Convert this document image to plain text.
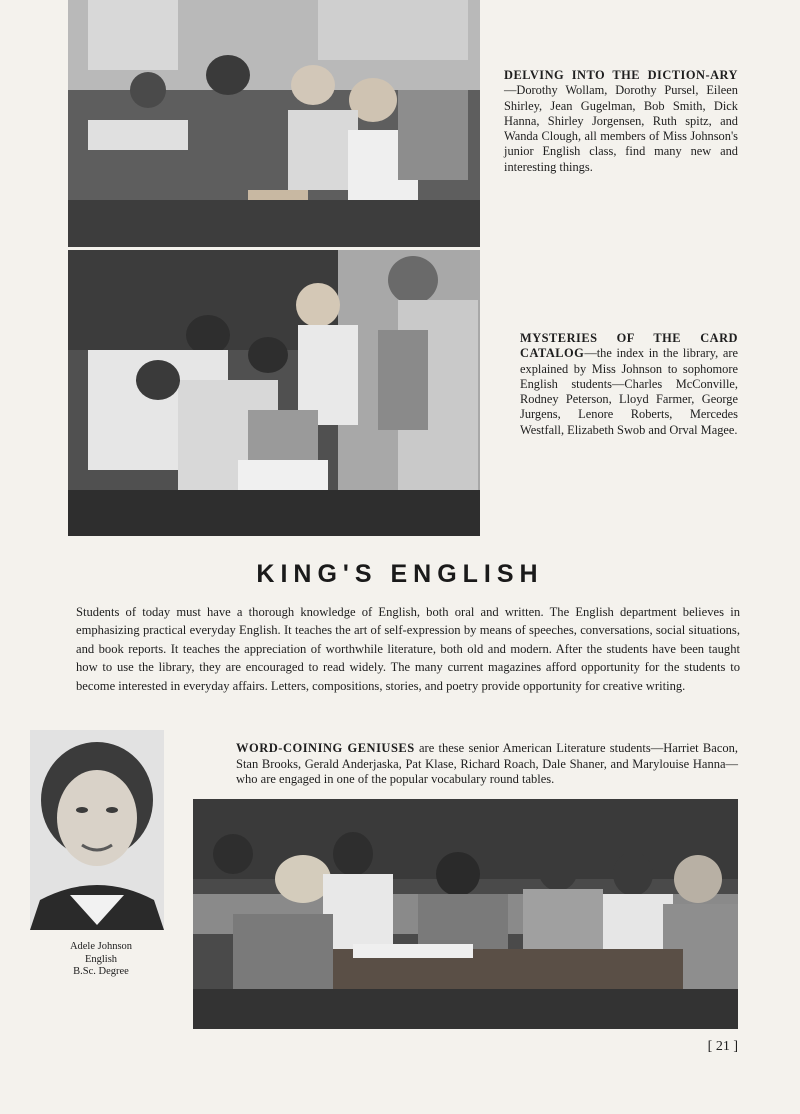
DELVING INTO THE DICTION-ARY—Dorothy Wollam, Dorothy Pursel, Eileen Shirley, Jean Gugelman, Bob Smith, Dick Hanna, Shirley Jorgensen, Ruth spitz, and Wanda Clough, all members of Miss Johnson's junior English class, find many new and interesting things.
MYSTERIES OF THE CARD CATALOG—the index in the library, are explained by Miss Johnson to sophomore English students—Charles McConville, Rodney Peterson, Lloyd Farmer, George Jurgens, Lenore Roberts, Mercedes Westfall, Elizabeth Swob and Orval Magee.
KING'S ENGLISH
Students of today must have a thorough knowledge of English, both oral and written. The English department believes in emphasizing practical everyday English. It teaches the art of self-expression by means of speeches, conversations, social situations, and book reports. It teaches the appreciation of worthwhile literature, both old and modern. After the students have been taught how to use the library, they are encouraged to read widely. The many current magazines afford opportunity for the students to become interested in everyday affairs. Letters, compositions, stories, and poetry provide opportunity for creative writing.
Adele Johnson
English
B.Sc. Degree
WORD-COINING GENIUSES are these senior American Literature students—Harriet Bacon, Stan Brooks, Gerald Anderjaska, Pat Klase, Richard Roach, Dale Shaner, and Marylouise Hanna—who are engaged in one of the popular vocabulary round tables.
[ 21 ]
